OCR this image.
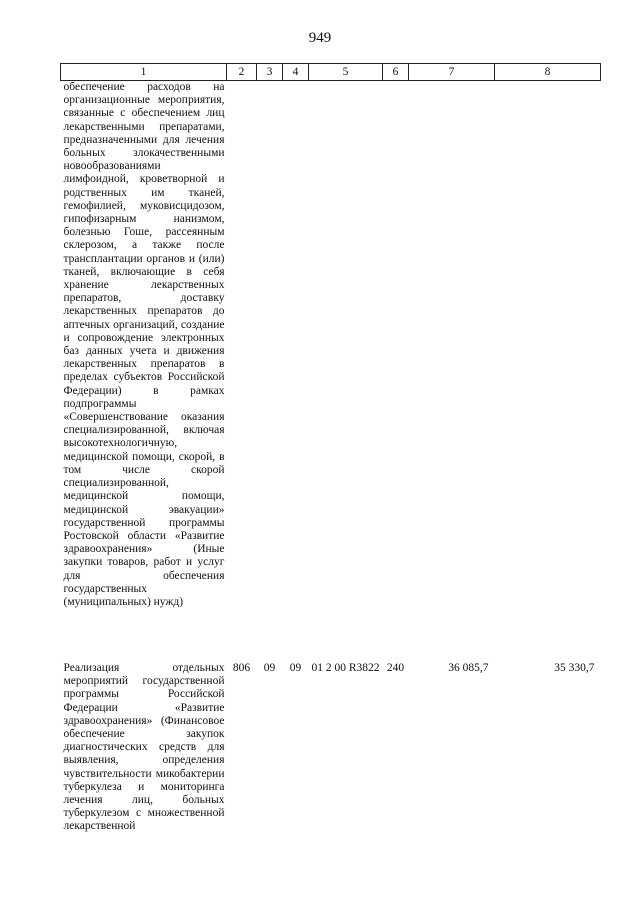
949
1	2	3	4	5	6	7	8
обеспечение расходов на организационные мероприятия, связанные с обеспечением лиц лекарственными препаратами, предназначенными для лечения больных злокачественными новообразованиями лимфоидной, кроветворной и родственных им тканей, гемофилией, муковисцидозом, гипофизарным нанизмом, болезнью Гоше, рассеянным склерозом, а также после трансплантации органов и (или) тканей, включающие в себя хранение лекарственных препаратов, доставку лекарственных препаратов до аптечных организаций, создание и сопровождение электронных баз данных учета и движения лекарственных препаратов в пределах субъектов Российской Федерации) в рамках подпрограммы «Совершенствование оказания специализированной, включая высокотехнологичную, медицинской помощи, скорой, в том числе скорой специализированной, медицинской помощи, медицинской эвакуации» государственной программы Ростовской области «Развитие здравоохранения» (Иные закупки товаров, работ и услуг для обеспечения государственных (муниципальных) нужд)							
Реализация отдельных мероприятий государственной программы Российской Федерации «Развитие здравоохранения» (Финансовое обеспечение закупок диагностических средств для выявления, определения чувствительности микобактерии туберкулеза и мониторинга лечения лиц, больных туберкулезом с множественной лекарственной	806	09	09	01 2 00 R3822	240	36 085,7	35 330,7
